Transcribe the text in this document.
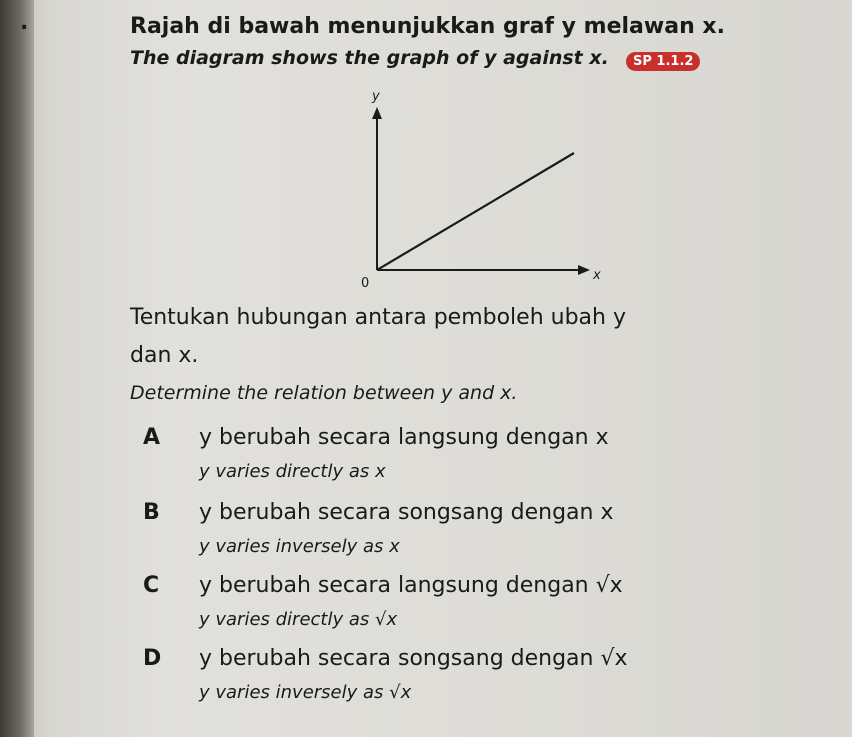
.	Rajah di bawah menunjukkan graf y melawan x.
The diagram shows the graph of y against x.	SP 1.1.2
y
x
0
Tentukan hubungan antara pemboleh ubah y
dan x.
Determine the relation between y and x.
A y berubah secara langsung dengan x
y varies directly as x
B y berubah secara songsang dengan x
y varies inversely as x
C y berubah secara langsung dengan √x
y varies directly as √x
D y berubah secara songsang dengan √x
y varies inversely as √x
